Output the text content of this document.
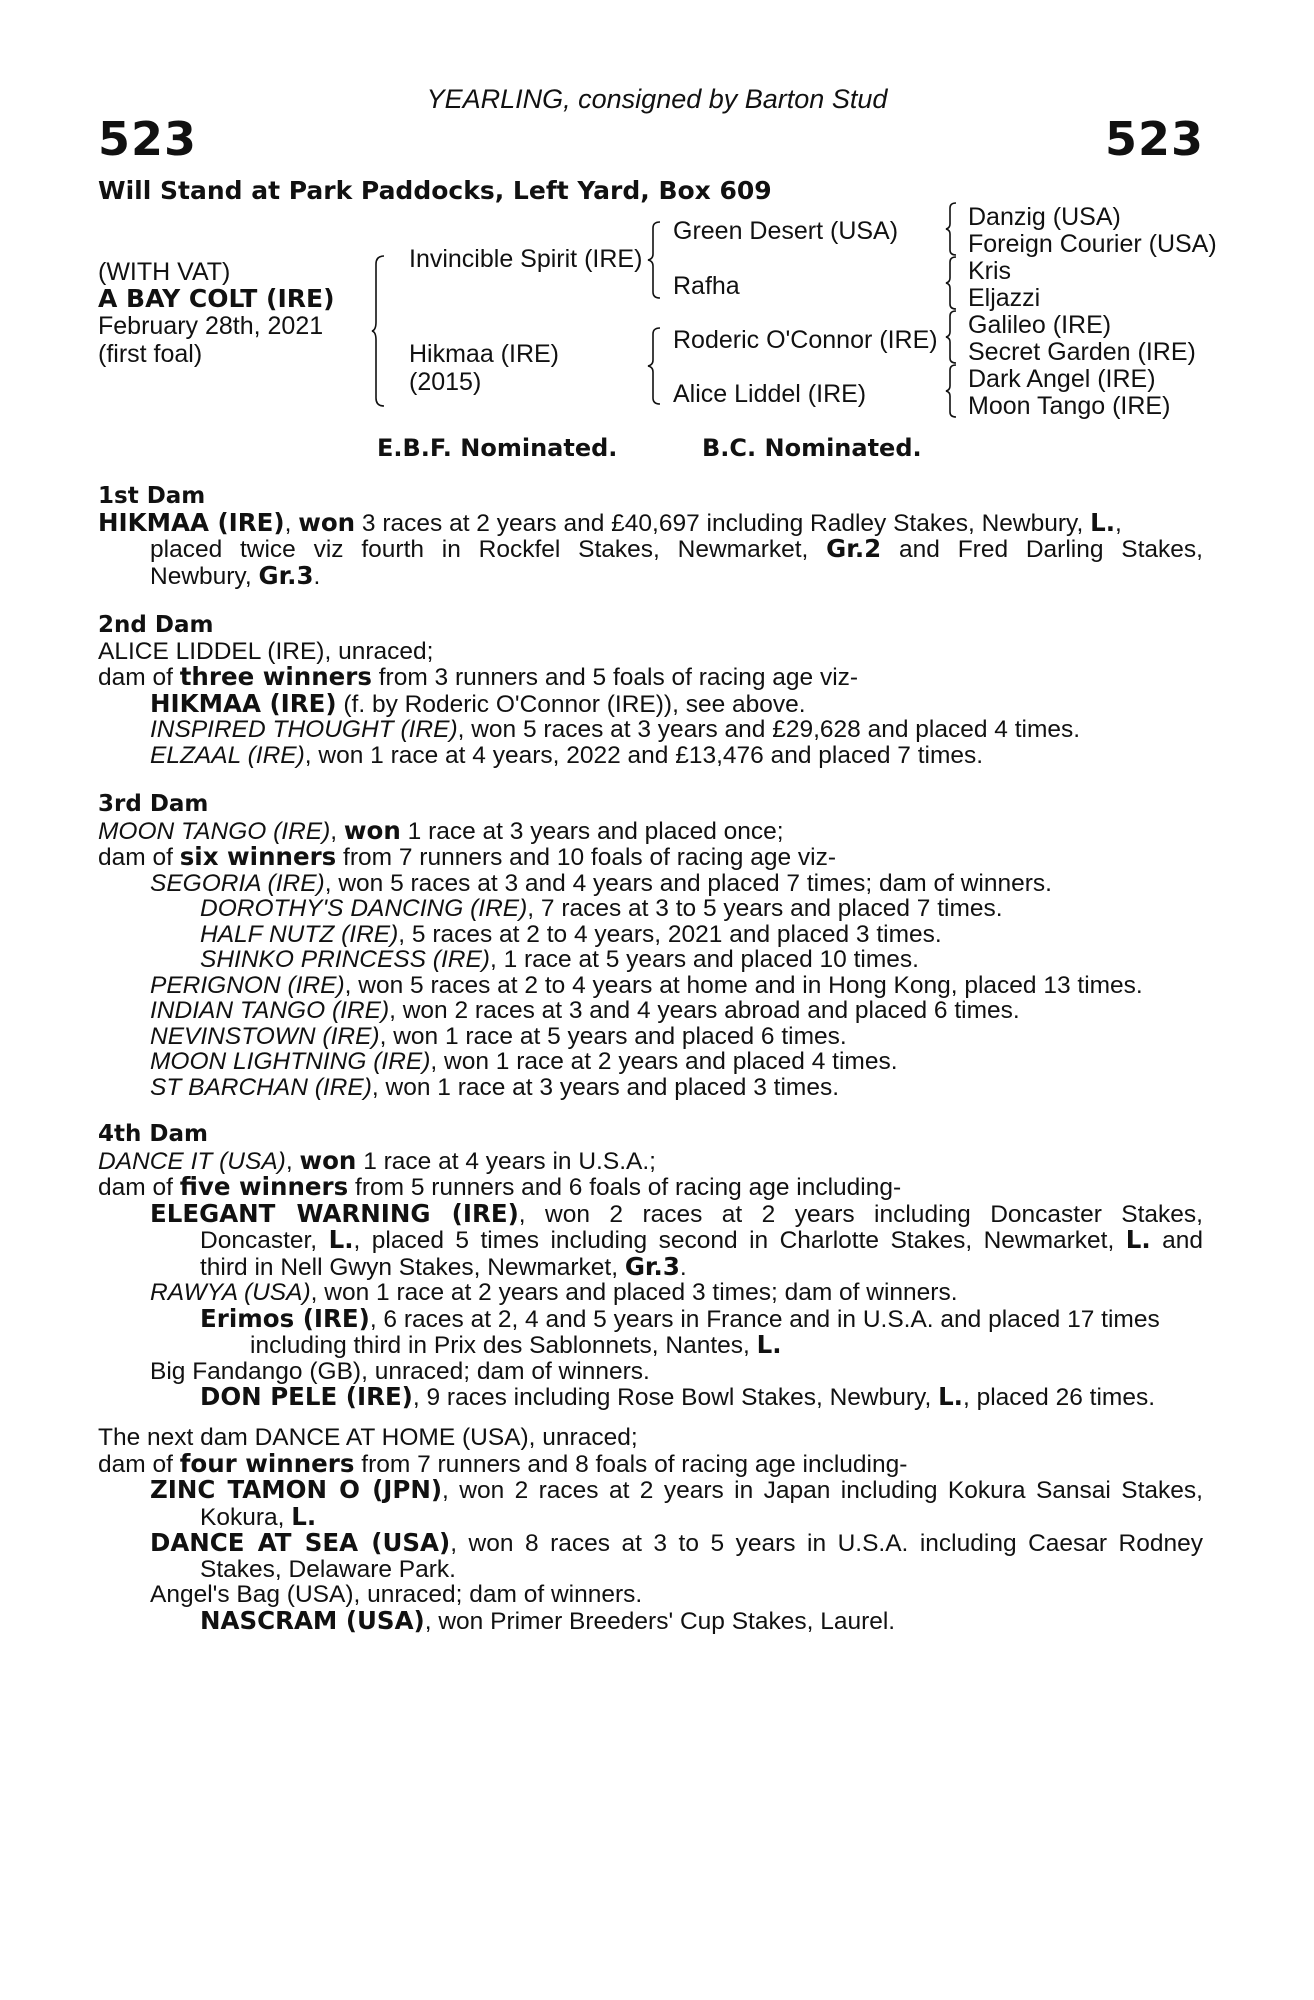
YEARLING, consigned by Barton Stud
523	523
Will Stand at Park Paddocks, Left Yard, Box 609
(WITH VAT)
A BAY COLT (IRE)
February 28th, 2021
(first foal)
Invincible Spirit (IRE)
Hikmaa (IRE)
(2015)
Green Desert (USA)
Rafha
Roderic O'Connor (IRE)
Alice Liddel (IRE)
Danzig (USA)
Foreign Courier (USA)
Kris
Eljazzi
Galileo (IRE)
Secret Garden (IRE)
Dark Angel (IRE)
Moon Tango (IRE)
E.B.F. Nominated.	B.C. Nominated.
1st Dam
HIKMAA (IRE), won 3 races at 2 years and £40,697 including Radley Stakes, Newbury, L.,
placed twice viz fourth in Rockfel Stakes, Newmarket, Gr.2 and Fred Darling Stakes,
Newbury, Gr.3.
2nd Dam
ALICE LIDDEL (IRE), unraced;
dam of three winners from 3 runners and 5 foals of racing age viz-
HIKMAA (IRE) (f. by Roderic O'Connor (IRE)), see above.
INSPIRED THOUGHT (IRE), won 5 races at 3 years and £29,628 and placed 4 times.
ELZAAL (IRE), won 1 race at 4 years, 2022 and £13,476 and placed 7 times.
3rd Dam
MOON TANGO (IRE), won 1 race at 3 years and placed once;
dam of six winners from 7 runners and 10 foals of racing age viz-
SEGORIA (IRE), won 5 races at 3 and 4 years and placed 7 times; dam of winners.
DOROTHY'S DANCING (IRE), 7 races at 3 to 5 years and placed 7 times.
HALF NUTZ (IRE), 5 races at 2 to 4 years, 2021 and placed 3 times.
SHINKO PRINCESS (IRE), 1 race at 5 years and placed 10 times.
PERIGNON (IRE), won 5 races at 2 to 4 years at home and in Hong Kong, placed 13 times.
INDIAN TANGO (IRE), won 2 races at 3 and 4 years abroad and placed 6 times.
NEVINSTOWN (IRE), won 1 race at 5 years and placed 6 times.
MOON LIGHTNING (IRE), won 1 race at 2 years and placed 4 times.
ST BARCHAN (IRE), won 1 race at 3 years and placed 3 times.
4th Dam
DANCE IT (USA), won 1 race at 4 years in U.S.A.;
dam of five winners from 5 runners and 6 foals of racing age including-
ELEGANT WARNING (IRE), won 2 races at 2 years including Doncaster Stakes,
Doncaster, L., placed 5 times including second in Charlotte Stakes, Newmarket, L. and
third in Nell Gwyn Stakes, Newmarket, Gr.3.
RAWYA (USA), won 1 race at 2 years and placed 3 times; dam of winners.
Erimos (IRE), 6 races at 2, 4 and 5 years in France and in U.S.A. and placed 17 times
including third in Prix des Sablonnets, Nantes, L.
Big Fandango (GB), unraced; dam of winners.
DON PELE (IRE), 9 races including Rose Bowl Stakes, Newbury, L., placed 26 times.
The next dam DANCE AT HOME (USA), unraced;
dam of four winners from 7 runners and 8 foals of racing age including-
ZINC TAMON O (JPN), won 2 races at 2 years in Japan including Kokura Sansai Stakes,
Kokura, L.
DANCE AT SEA (USA), won 8 races at 3 to 5 years in U.S.A. including Caesar Rodney
Stakes, Delaware Park.
Angel's Bag (USA), unraced; dam of winners.
NASCRAM (USA), won Primer Breeders' Cup Stakes, Laurel.
